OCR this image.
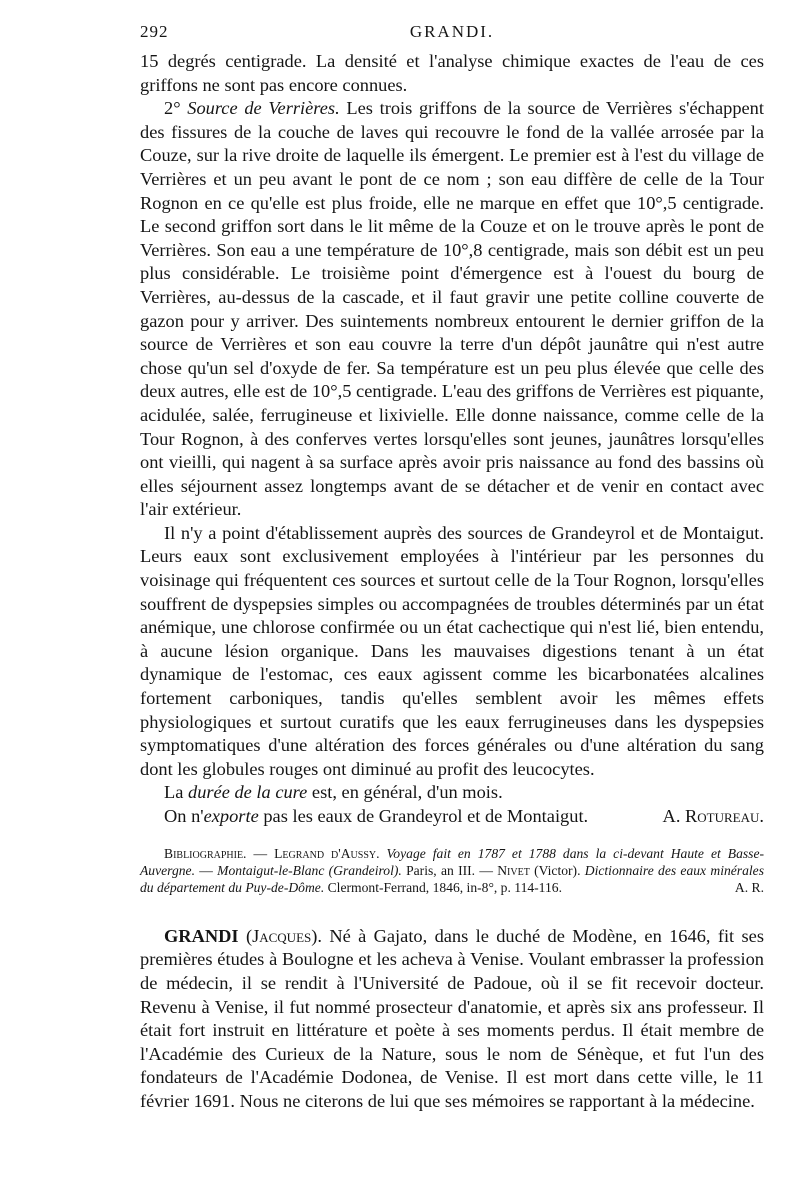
292	GRANDI.

15 degrés centigrade. La densité et l'analyse chimique exactes de l'eau de ces griffons ne sont pas encore connues.

2° Source de Verrières. Les trois griffons de la source de Verrières s'échappent des fissures de la couche de laves qui recouvre le fond de la vallée arrosée par la Couze, sur la rive droite de laquelle ils émergent. Le premier est à l'est du village de Verrières et un peu avant le pont de ce nom ; son eau diffère de celle de la Tour Rognon en ce qu'elle est plus froide, elle ne marque en effet que 10°,5 centigrade. Le second griffon sort dans le lit même de la Couze et on le trouve après le pont de Verrières. Son eau a une température de 10°,8 centigrade, mais son débit est un peu plus considérable. Le troisième point d'émergence est à l'ouest du bourg de Verrières, au-dessus de la cascade, et il faut gravir une petite colline couverte de gazon pour y arriver. Des suintements nombreux entourent le dernier griffon de la source de Verrières et son eau couvre la terre d'un dépôt jaunâtre qui n'est autre chose qu'un sel d'oxyde de fer. Sa température est un peu plus élevée que celle des deux autres, elle est de 10°,5 centigrade. L'eau des griffons de Verrières est piquante, acidulée, salée, ferrugineuse et lixivielle. Elle donne naissance, comme celle de la Tour Rognon, à des conferves vertes lorsqu'elles sont jeunes, jaunâtres lorsqu'elles ont vieilli, qui nagent à sa surface après avoir pris naissance au fond des bassins où elles séjournent assez longtemps avant de se détacher et de venir en contact avec l'air extérieur.

Il n'y a point d'établissement auprès des sources de Grandeyrol et de Montaigut. Leurs eaux sont exclusivement employées à l'intérieur par les personnes du voisinage qui fréquentent ces sources et surtout celle de la Tour Rognon, lorsqu'elles souffrent de dyspepsies simples ou accompagnées de troubles déterminés par un état anémique, une chlorose confirmée ou un état cachectique qui n'est lié, bien entendu, à aucune lésion organique. Dans les mauvaises digestions tenant à un état dynamique de l'estomac, ces eaux agissent comme les bicarbonatées alcalines fortement carboniques, tandis qu'elles semblent avoir les mêmes effets physiologiques et surtout curatifs que les eaux ferrugineuses dans les dyspepsies symptomatiques d'une altération des forces générales ou d'une altération du sang dont les globules rouges ont diminué au profit des leucocytes.

La durée de la cure est, en général, d'un mois.

On n'exporte pas les eaux de Grandeyrol et de Montaigut.	A. Rotureau.

Bibliographie. — Legrand d'Aussy. Voyage fait en 1787 et 1788 dans la ci-devant Haute et Basse-Auvergne. — Montaigut-le-Blanc (Grandeirol). Paris, an III. — Nivet (Victor). Dictionnaire des eaux minérales du département du Puy-de-Dôme. Clermont-Ferrand, 1846, in-8°, p. 114-116.	A. R.

GRANDI (Jacques). Né à Gajato, dans le duché de Modène, en 1646, fit ses premières études à Boulogne et les acheva à Venise. Voulant embrasser la profession de médecin, il se rendit à l'Université de Padoue, où il se fit recevoir docteur. Revenu à Venise, il fut nommé prosecteur d'anatomie, et après six ans professeur. Il était fort instruit en littérature et poète à ses moments perdus. Il était membre de l'Académie des Curieux de la Nature, sous le nom de Sénèque, et fut l'un des fondateurs de l'Académie Dodonea, de Venise. Il est mort dans cette ville, le 11 février 1691. Nous ne citerons de lui que ses mémoires se rapportant à la médecine.
